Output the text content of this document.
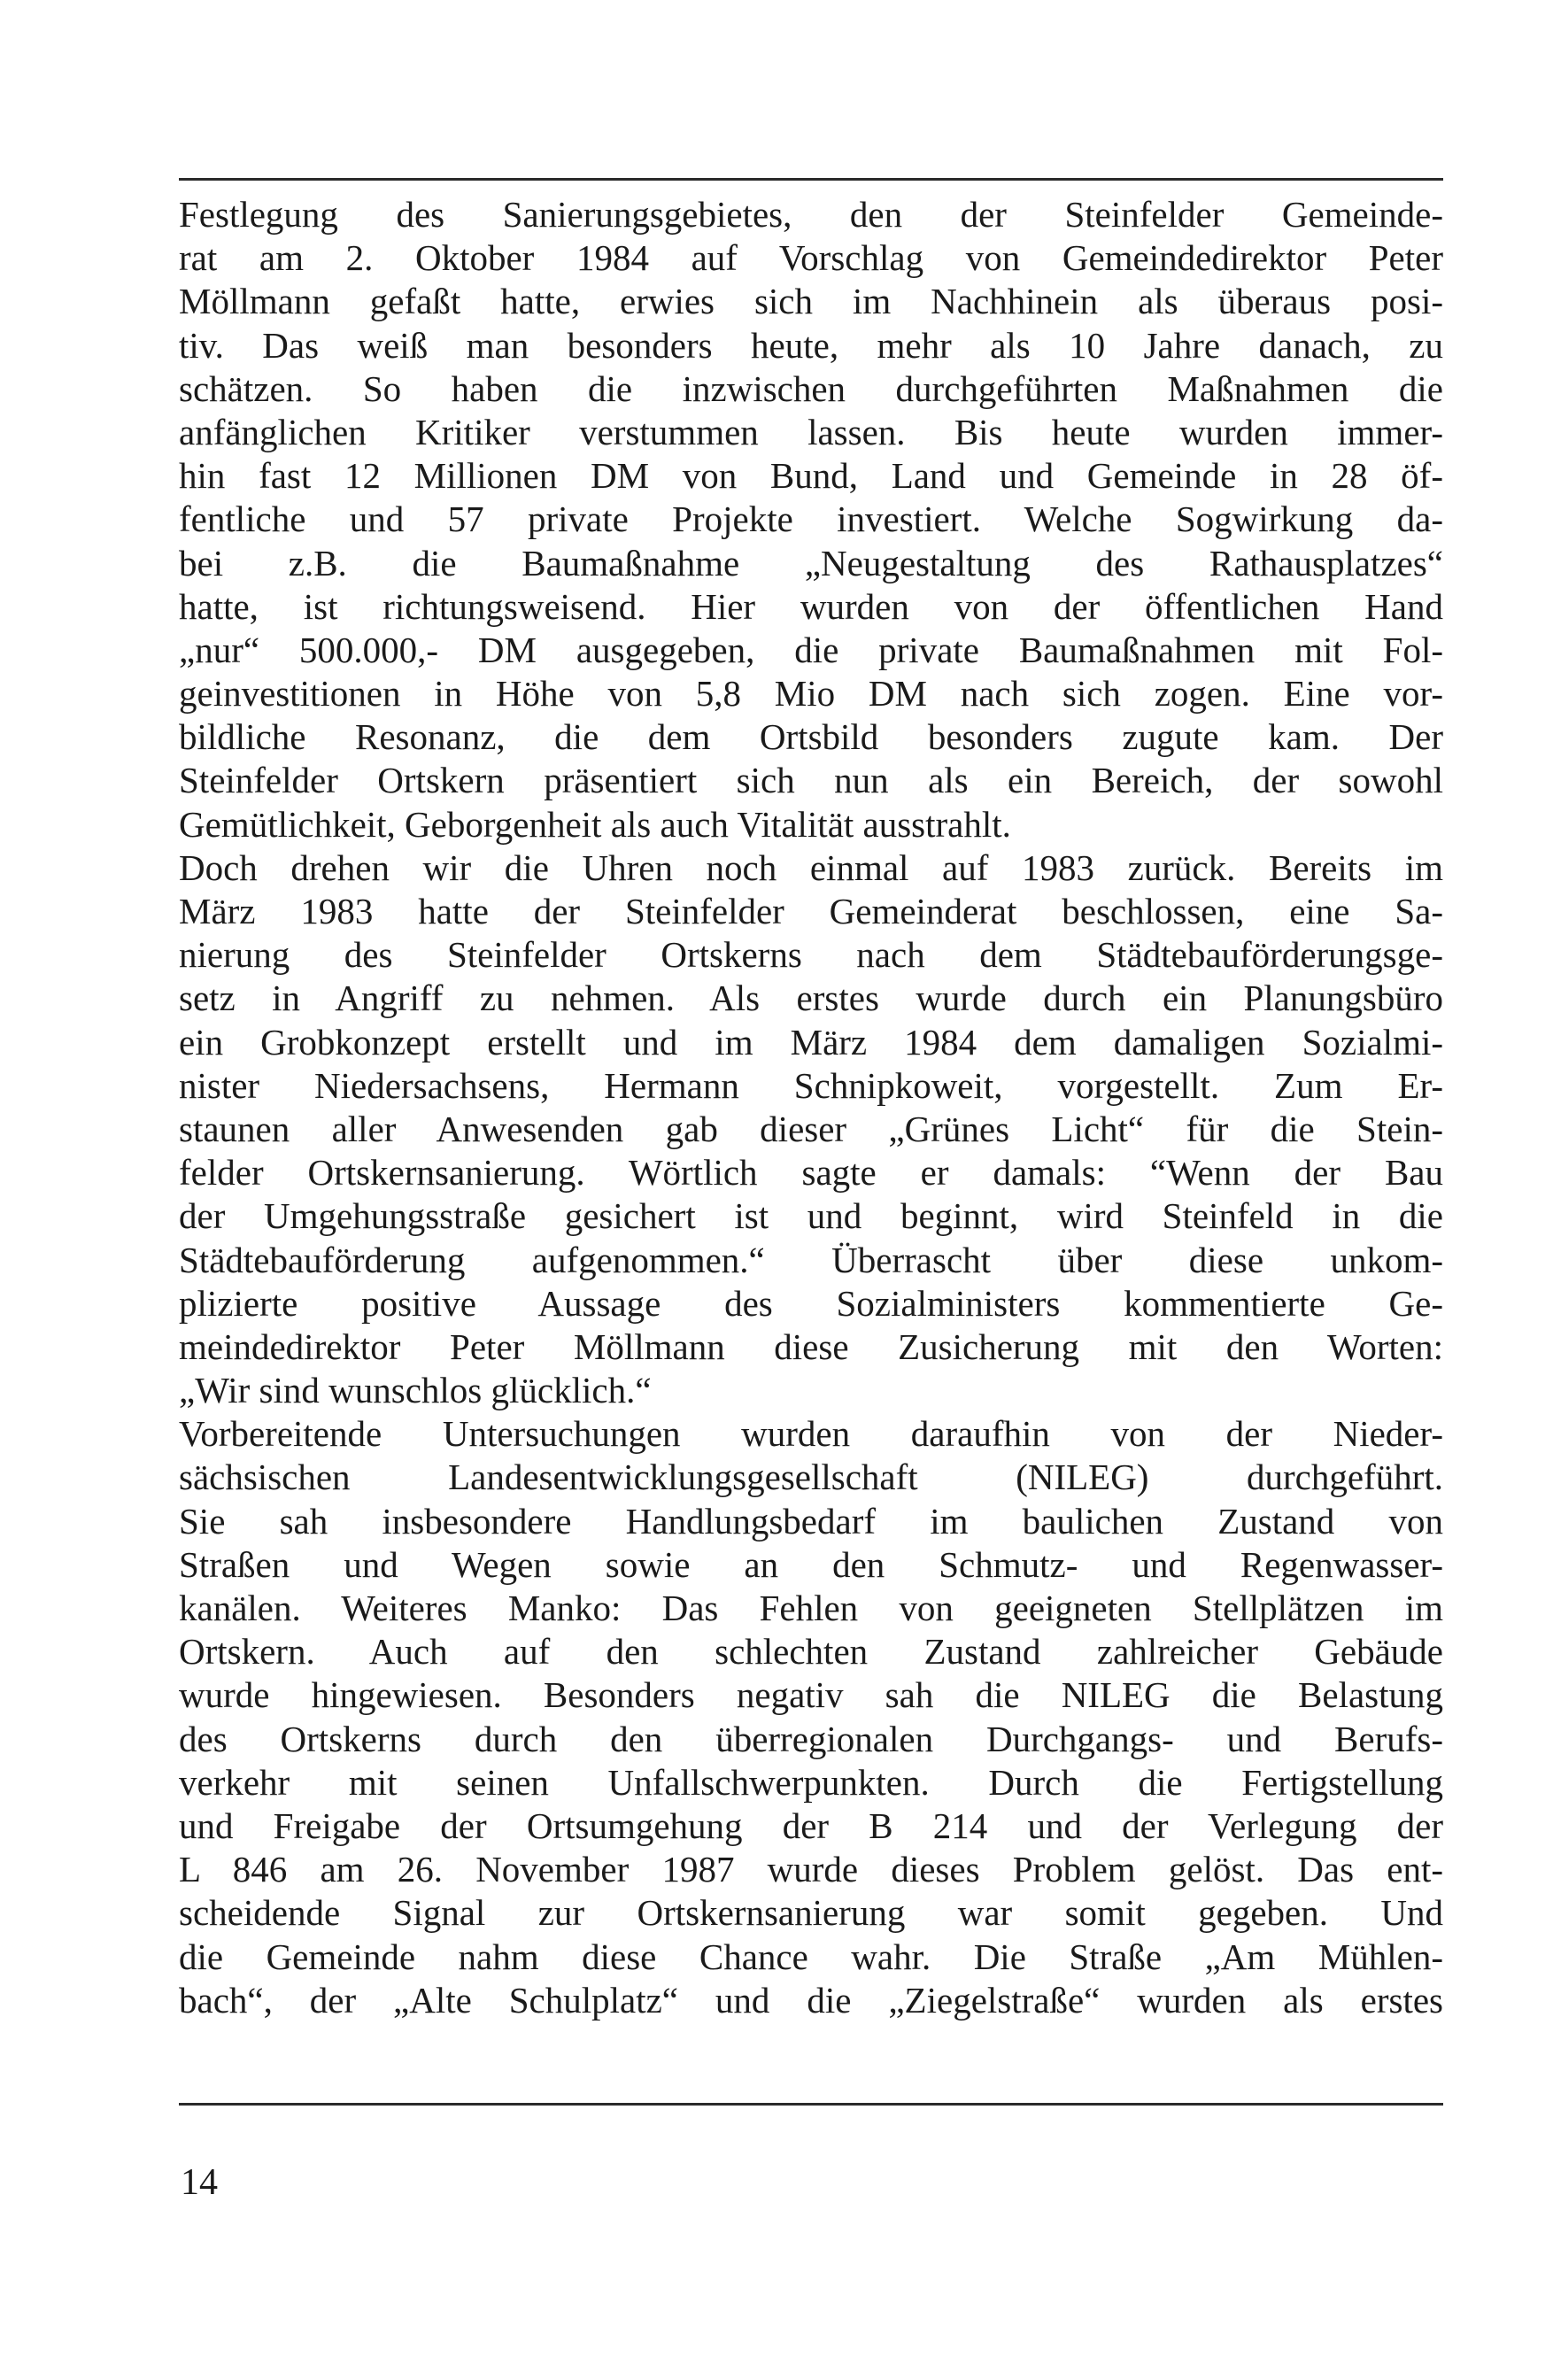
Festlegung des Sanierungsgebietes, den der Steinfelder Gemeinde-
rat am 2. Oktober 1984 auf Vorschlag von Gemeindedirektor Peter
Möllmann gefaßt hatte, erwies sich im Nachhinein als überaus posi-
tiv. Das weiß man besonders heute, mehr als 10 Jahre danach, zu
schätzen. So haben die inzwischen durchgeführten Maßnahmen die
anfänglichen Kritiker verstummen lassen. Bis heute wurden immer-
hin fast 12 Millionen DM von Bund, Land und Gemeinde in 28 öf-
fentliche und 57 private Projekte investiert. Welche Sogwirkung da-
bei z.B. die Baumaßnahme „Neugestaltung des Rathausplatzes“
hatte, ist richtungsweisend. Hier wurden von der öffentlichen Hand
„nur“ 500.000,- DM ausgegeben, die private Baumaßnahmen mit Fol-
geinvestitionen in Höhe von 5,8 Mio DM nach sich zogen. Eine vor-
bildliche Resonanz, die dem Ortsbild besonders zugute kam. Der
Steinfelder Ortskern präsentiert sich nun als ein Bereich, der sowohl
Gemütlichkeit, Geborgenheit als auch Vitalität ausstrahlt.
Doch drehen wir die Uhren noch einmal auf 1983 zurück. Bereits im
März 1983 hatte der Steinfelder Gemeinderat beschlossen, eine Sa-
nierung des Steinfelder Ortskerns nach dem Städtebauförderungsge-
setz in Angriff zu nehmen. Als erstes wurde durch ein Planungsbüro
ein Grobkonzept erstellt und im März 1984 dem damaligen Sozialmi-
nister Niedersachsens, Hermann Schnipkoweit, vorgestellt. Zum Er-
staunen aller Anwesenden gab dieser „Grünes Licht“ für die Stein-
felder Ortskernsanierung. Wörtlich sagte er damals: “Wenn der Bau
der Umgehungsstraße gesichert ist und beginnt, wird Steinfeld in die
Städtebauförderung aufgenommen.“ Überrascht über diese unkom-
plizierte positive Aussage des Sozialministers kommentierte Ge-
meindedirektor Peter Möllmann diese Zusicherung mit den Worten:
„Wir sind wunschlos glücklich.“
Vorbereitende Untersuchungen wurden daraufhin von der Nieder-
sächsischen Landesentwicklungsgesellschaft (NILEG) durchgeführt.
Sie sah insbesondere Handlungsbedarf im baulichen Zustand von
Straßen und Wegen sowie an den Schmutz- und Regenwasser-
kanälen. Weiteres Manko: Das Fehlen von geeigneten Stellplätzen im
Ortskern. Auch auf den schlechten Zustand zahlreicher Gebäude
wurde hingewiesen. Besonders negativ sah die NILEG die Belastung
des Ortskerns durch den überregionalen Durchgangs- und Berufs-
verkehr mit seinen Unfallschwerpunkten. Durch die Fertigstellung
und Freigabe der Ortsumgehung der B 214 und der Verlegung der
L 846 am 26. November 1987 wurde dieses Problem gelöst. Das ent-
scheidende Signal zur Ortskernsanierung war somit gegeben. Und
die Gemeinde nahm diese Chance wahr. Die Straße „Am Mühlen-
bach“, der „Alte Schulplatz“ und die „Ziegelstraße“ wurden als erstes
14
